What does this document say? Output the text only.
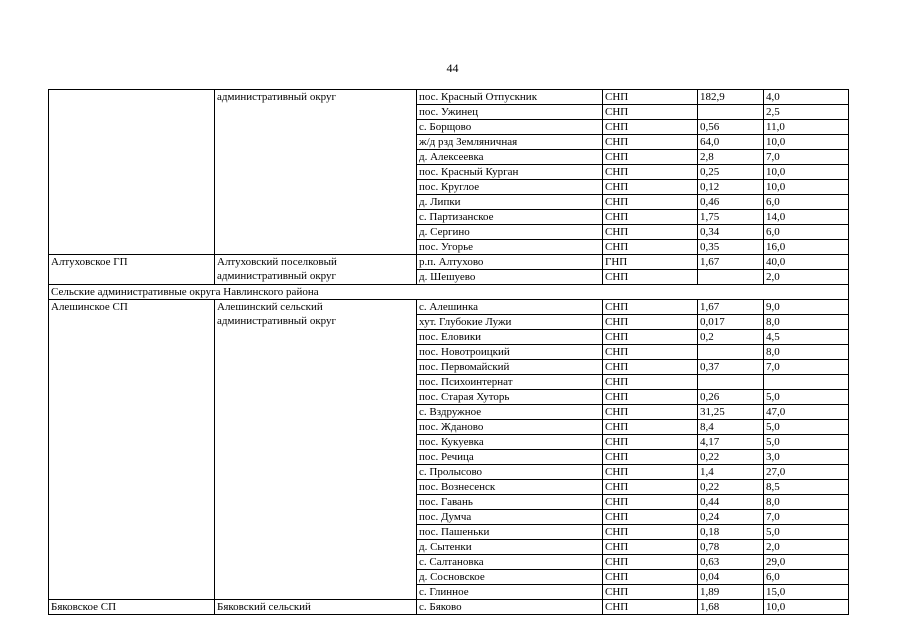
44
	административный округ	пос. Красный Отпускник	СНП	182,9	4,0
		пос. Ужинец	СНП		2,5
		с. Борщово	СНП	0,56	11,0
		ж/д рзд Земляничная	СНП	64,0	10,0
		д. Алексеевка	СНП	2,8	7,0
		пос. Красный Курган	СНП	0,25	10,0
		пос. Круглое	СНП	0,12	10,0
		д. Липки	СНП	0,46	6,0
		с. Партизанское	СНП	1,75	14,0
		д. Сергино	СНП	0,34	6,0
		пос. Угорье	СНП	0,35	16,0
Алтуховское ГП	Алтуховский поселковый административный округ	р.п. Алтухово	ГНП	1,67	40,0
		д. Шешуево	СНП		2,0
Сельские административные округа Навлинского района					
Алешинское СП	Алешинский сельский административный округ	с. Алешинка	СНП	1,67	9,0
		хут. Глубокие Лужи	СНП	0,017	8,0
		пос. Еловики	СНП	0,2	4,5
		пос. Новотроицкий	СНП		8,0
		пос. Первомайский	СНП	0,37	7,0
		пос. Психоинтернат	СНП		
		пос. Старая Хуторь	СНП	0,26	5,0
		с. Вздружное	СНП	31,25	47,0
		пос. Жданово	СНП	8,4	5,0
		пос. Кукуевка	СНП	4,17	5,0
		пос. Речица	СНП	0,22	3,0
		с. Пролысово	СНП	1,4	27,0
		пос. Вознесенск	СНП	0,22	8,5
		пос. Гавань	СНП	0,44	8,0
		пос. Думча	СНП	0,24	7,0
		пос. Пашеньки	СНП	0,18	5,0
		д. Сытенки	СНП	0,78	2,0
		с. Салтановка	СНП	0,63	29,0
		д. Сосновское	СНП	0,04	6,0
		с. Глинное	СНП	1,89	15,0
Бяковское СП	Бяковский сельский	с. Бяково	СНП	1,68	10,0
